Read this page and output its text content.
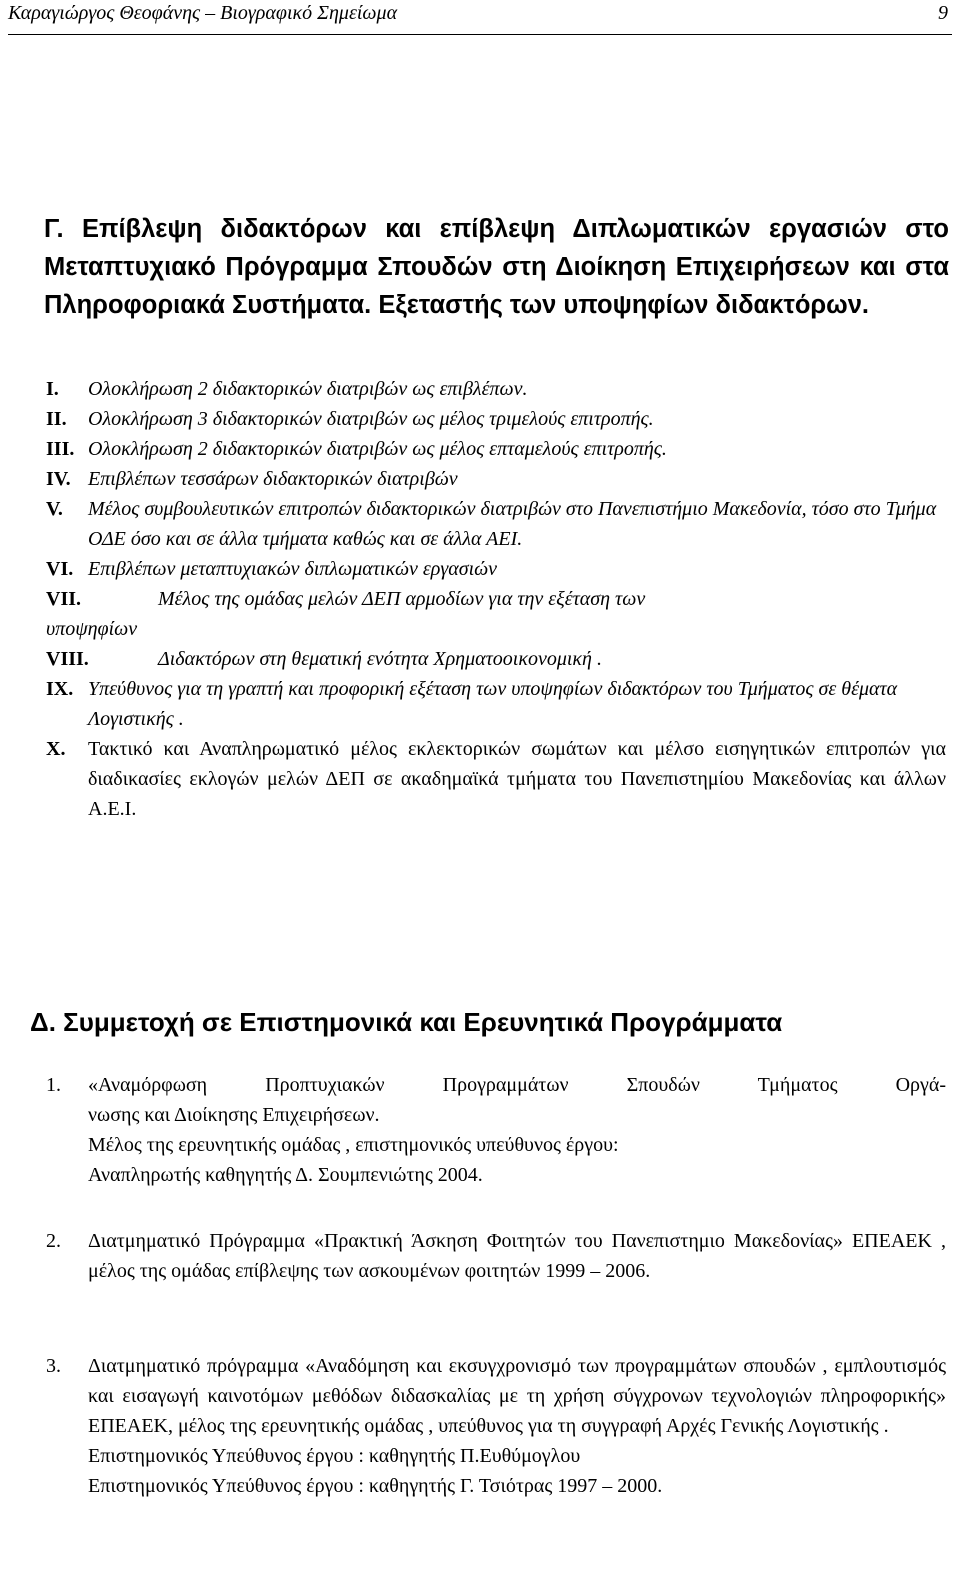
Καραγιώργος Θεοφάνης – Βιογραφικό Σημείωμα	9
Γ. Επίβλεψη διδακτόρων και επίβλεψη Διπλωματικών εργασιών στο Μεταπτυχιακό Πρόγραμμα Σπουδών στη Διοίκηση Επιχειρήσεων και στα Πληροφοριακά Συστήματα. Εξεταστής των υποψηφίων διδακτόρων.
I.	Ολοκλήρωση 2 διδακτορικών διατριβών ως επιβλέπων.
II.	Ολοκλήρωση 3 διδακτορικών διατριβών ως μέλος τριμελούς επιτροπής.
III. Ολοκλήρωση 2 διδακτορικών διατριβών ως μέλος επταμελούς επιτροπής.
IV. Επιβλέπων τεσσάρων διδακτορικών διατριβών
V.	Μέλος συμβουλευτικών επιτροπών διδακτορικών διατριβών στο Πανεπιστήμιο Μακεδονία, τόσο στο Τμήμα ΟΔΕ όσο και σε άλλα τμήματα καθώς και σε άλλα ΑΕΙ.
VI. Επιβλέπων μεταπτυχιακών διπλωματικών εργασιών
VII.	Μέλος της ομάδας μελών ΔΕΠ αρμοδίων για την εξέταση των
υποψηφίων
VIII.	Διδακτόρων στη θεματική ενότητα Χρηματοοικονομική .
IX. Υπεύθυνος για τη γραπτή και προφορική εξέταση των υποψηφίων διδακτόρων του Τμήματος σε θέματα Λογιστικής .
X.	Τακτικό και Αναπληρωματικό μέλος εκλεκτορικών σωμάτων και μέλσο εισηγητικών επιτροπών για διαδικασίες εκλογών μελών ΔΕΠ σε ακαδημαϊκά τμήματα του Πανεπιστημίου Μακεδονίας και άλλων Α.Ε.Ι.
Δ. Συμμετοχή σε Επιστημονικά και Ερευνητικά Προγράμματα
1. «Αναμόρφωση Προπτυχιακών Προγραμμάτων Σπουδών Τμήματος Οργά-
νωσης και Διοίκησης Επιχειρήσεων.
Μέλος της ερευνητικής ομάδας , επιστημονικός υπεύθυνος έργου:
Αναπληρωτής καθηγητής Δ. Σουμπενιώτης 2004.
2.	Διατμηματικό Πρόγραμμα «Πρακτική Άσκηση Φοιτητών του Πανεπιστημιο Μακεδονίας» ΕΠΕΑΕΚ , μέλος της ομάδας επίβλεψης των ασκουμένων φοιτητών 1999 – 2006.
3.	Διατμηματικό πρόγραμμα «Αναδόμηση και εκσυγχρονισμό των προγραμμάτων σπουδών , εμπλουτισμός και εισαγωγή καινοτόμων μεθόδων διδασκαλίας με τη χρήση σύγχρονων τεχνολογιών πληροφορικής» ΕΠΕΑΕΚ, μέλος της ερευνητικής ομάδας , υπεύθυνος για τη συγγραφή Αρχές Γενικής Λογιστικής .
Επιστημονικός Υπεύθυνος έργου : καθηγητής Π.Ευθύμογλου
Επιστημονικός Υπεύθυνος έργου : καθηγητής Γ. Τσιότρας 1997 – 2000.
